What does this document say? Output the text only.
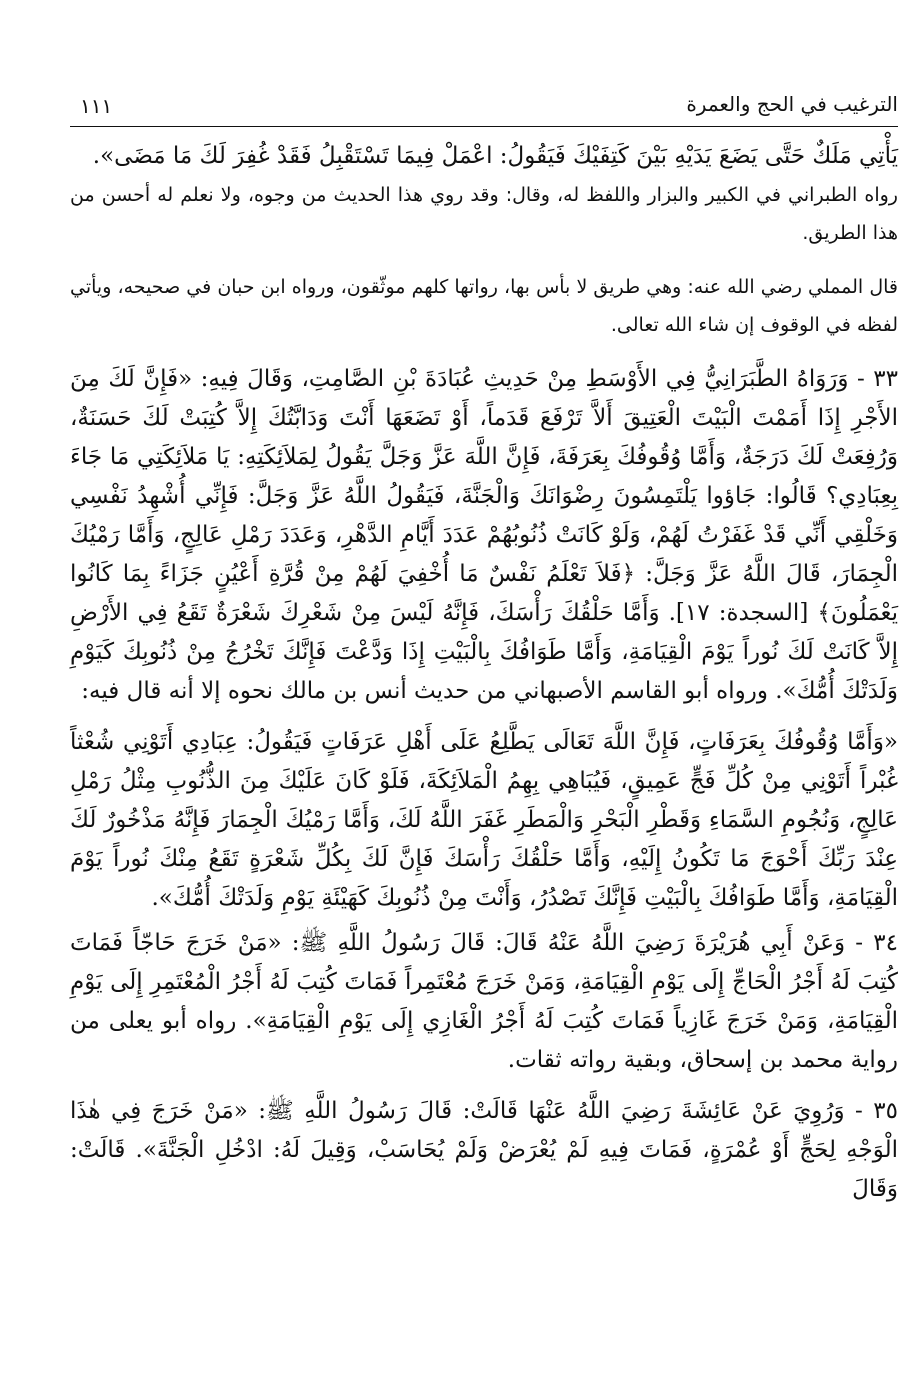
الترغيب في الحج والعمرة
١١١

يَأْتِي مَلَكٌ حَتَّى يَضَعَ يَدَيْهِ بَيْنَ كَتِفَيْكَ فَيَقُولُ: اعْمَلْ فِيمَا تَسْتَقْبِلُ فَقَدْ غُفِرَ لَكَ مَا مَضَى».

رواه الطبراني في الكبير والبزار واللفظ له، وقال: وقد روي هذا الحديث من وجوه، ولا نعلم له أحسن من هذا الطريق.

قال المملي رضي الله عنه: وهي طريق لا بأس بها، رواتها كلهم موثّقون، ورواه ابن حبان في صحيحه، ويأتي لفظه في الوقوف إن شاء الله تعالى.

٣٣ - وَرَوَاهُ الطَّبَرَانِيُّ فِي الأَوْسَطِ مِنْ حَدِيثِ عُبَادَةَ بْنِ الصَّامِتِ، وَقَالَ فِيهِ: «فَإِنَّ لَكَ مِنَ الأَجْرِ إِذَا أَمَمْتَ الْبَيْتَ الْعَتِيقَ أَلاَّ تَرْفَعَ قَدَماً، أَوْ تَضَعَهَا أَنْتَ وَدَابَّتُكَ إِلاَّ كُتِبَتْ لَكَ حَسَنَةٌ، وَرُفِعَتْ لَكَ دَرَجَةٌ، وَأَمَّا وُقُوفُكَ بِعَرَفَةَ، فَإِنَّ اللَّهَ عَزَّ وَجَلَّ يَقُولُ لِمَلاَئِكَتِهِ: يَا مَلاَئِكَتِي مَا جَاءَ بِعِبَادِي؟ قَالُوا: جَاؤوا يَلْتَمِسُونَ رِضْوَانَكَ وَالْجَنَّةَ، فَيَقُولُ اللَّهُ عَزَّ وَجَلَّ: فَإِنِّي أُشْهِدُ نَفْسِي وَخَلْقِي أَنِّي قَدْ غَفَرْتُ لَهُمْ، وَلَوْ كَانَتْ ذُنُوبُهُمْ عَدَدَ أَيَّامِ الدَّهْرِ، وَعَدَدَ رَمْلِ عَالِجٍ، وَأَمَّا رَمْيُكَ الْجِمَارَ، قَالَ اللَّهُ عَزَّ وَجَلَّ: ﴿فَلاَ تَعْلَمُ نَفْسٌ مَا أُخْفِيَ لَهُمْ مِنْ قُرَّةِ أَعْيُنٍ جَزَاءً بِمَا كَانُوا يَعْمَلُونَ﴾ [السجدة: ١٧]. وَأَمَّا حَلْقُكَ رَأْسَكَ، فَإِنَّهُ لَيْسَ مِنْ شَعْرِكَ شَعْرَةٌ تَقَعُ فِي الأَرْضِ إِلاَّ كَانَتْ لَكَ نُوراً يَوْمَ الْقِيَامَةِ، وَأَمَّا طَوَافُكَ بِالْبَيْتِ إِذَا وَدَّعْتَ فَإِنَّكَ تَخْرُجُ مِنْ ذُنُوبِكَ كَيَوْمِ وَلَدَتْكَ أُمُّكَ». ورواه أبو القاسم الأصبهاني من حديث أنس بن مالك نحوه إلا أنه قال فيه:

«وَأَمَّا وُقُوفُكَ بِعَرَفَاتٍ، فَإِنَّ اللَّهَ تَعَالَى يَطَّلِعُ عَلَى أَهْلِ عَرَفَاتٍ فَيَقُولُ: عِبَادِي أَتَوْنِي شُعْثاً غُبْراً أَتَوْنِي مِنْ كُلِّ فَجٍّ عَمِيقٍ، فَيُبَاهِي بِهِمُ الْمَلاَئِكَةَ، فَلَوْ كَانَ عَلَيْكَ مِنَ الذُّنُوبِ مِثْلُ رَمْلِ عَالِجٍ، وَنُجُومِ السَّمَاءِ وَقَطْرِ الْبَحْرِ وَالْمَطَرِ غَفَرَ اللَّهُ لَكَ، وَأَمَّا رَمْيُكَ الْجِمَارَ فَإِنَّهُ مَذْخُورٌ لَكَ عِنْدَ رَبِّكَ أَحْوَجَ مَا تَكُونُ إِلَيْهِ، وَأَمَّا حَلْقُكَ رَأْسَكَ فَإِنَّ لَكَ بِكُلِّ شَعْرَةٍ تَقَعُ مِنْكَ نُوراً يَوْمَ الْقِيَامَةِ، وَأَمَّا طَوَافُكَ بِالْبَيْتِ فَإِنَّكَ تَصْدُرُ، وَأَنْتَ مِنْ ذُنُوبِكَ كَهَيْئَةِ يَوْمِ وَلَدَتْكَ أُمُّكَ».

٣٤ - وَعَنْ أَبِي هُرَيْرَةَ رَضِيَ اللَّهُ عَنْهُ قَالَ: قَالَ رَسُولُ اللَّهِ ﷺ: «مَنْ خَرَجَ حَاجّاً فَمَاتَ كُتِبَ لَهُ أَجْرُ الْحَاجِّ إِلَى يَوْمِ الْقِيَامَةِ، وَمَنْ خَرَجَ مُعْتَمِراً فَمَاتَ كُتِبَ لَهُ أَجْرُ الْمُعْتَمِرِ إِلَى يَوْمِ الْقِيَامَةِ، وَمَنْ خَرَجَ غَازِياً فَمَاتَ كُتِبَ لَهُ أَجْرُ الْغَازِي إِلَى يَوْمِ الْقِيَامَةِ». رواه أبو يعلى من رواية محمد بن إسحاق، وبقية رواته ثقات.

٣٥ - وَرُوِيَ عَنْ عَائِشَةَ رَضِيَ اللَّهُ عَنْهَا قَالَتْ: قَالَ رَسُولُ اللَّهِ ﷺ: «مَنْ خَرَجَ فِي هٰذَا الْوَجْهِ لِحَجٍّ أَوْ عُمْرَةٍ، فَمَاتَ فِيهِ لَمْ يُعْرَضْ وَلَمْ يُحَاسَبْ، وَقِيلَ لَهُ: ادْخُلِ الْجَنَّةَ». قَالَتْ: وَقَالَ
